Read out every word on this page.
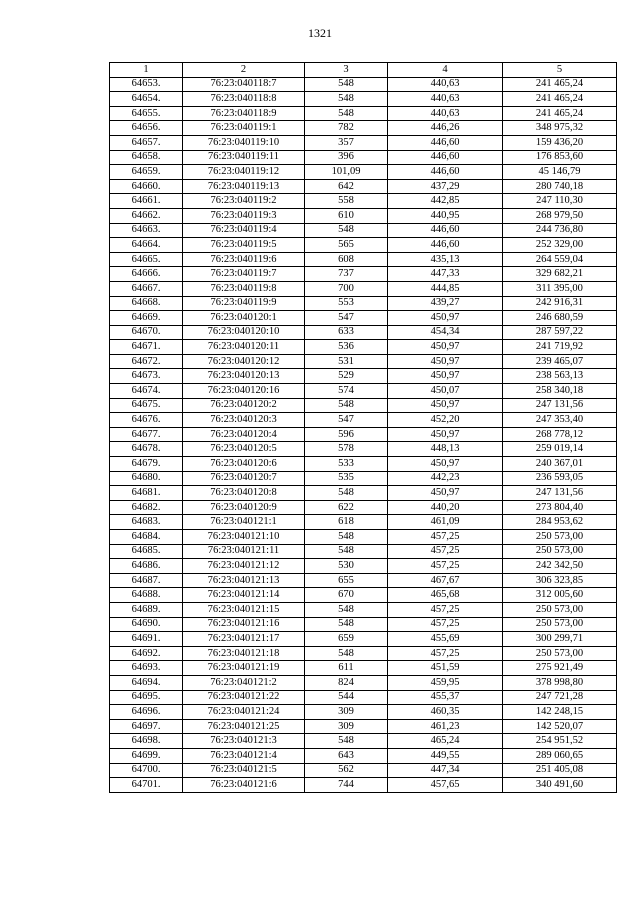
1321
1	2	3	4	5
64653.	76:23:040118:7	548	440,63	241 465,24
64654.	76:23:040118:8	548	440,63	241 465,24
64655.	76:23:040118:9	548	440,63	241 465,24
64656.	76:23:040119:1	782	446,26	348 975,32
64657.	76:23:040119:10	357	446,60	159 436,20
64658.	76:23:040119:11	396	446,60	176 853,60
64659.	76:23:040119:12	101,09	446,60	45 146,79
64660.	76:23:040119:13	642	437,29	280 740,18
64661.	76:23:040119:2	558	442,85	247 110,30
64662.	76:23:040119:3	610	440,95	268 979,50
64663.	76:23:040119:4	548	446,60	244 736,80
64664.	76:23:040119:5	565	446,60	252 329,00
64665.	76:23:040119:6	608	435,13	264 559,04
64666.	76:23:040119:7	737	447,33	329 682,21
64667.	76:23:040119:8	700	444,85	311 395,00
64668.	76:23:040119:9	553	439,27	242 916,31
64669.	76:23:040120:1	547	450,97	246 680,59
64670.	76:23:040120:10	633	454,34	287 597,22
64671.	76:23:040120:11	536	450,97	241 719,92
64672.	76:23:040120:12	531	450,97	239 465,07
64673.	76:23:040120:13	529	450,97	238 563,13
64674.	76:23:040120:16	574	450,07	258 340,18
64675.	76:23:040120:2	548	450,97	247 131,56
64676.	76:23:040120:3	547	452,20	247 353,40
64677.	76:23:040120:4	596	450,97	268 778,12
64678.	76:23:040120:5	578	448,13	259 019,14
64679.	76:23:040120:6	533	450,97	240 367,01
64680.	76:23:040120:7	535	442,23	236 593,05
64681.	76:23:040120:8	548	450,97	247 131,56
64682.	76:23:040120:9	622	440,20	273 804,40
64683.	76:23:040121:1	618	461,09	284 953,62
64684.	76:23:040121:10	548	457,25	250 573,00
64685.	76:23:040121:11	548	457,25	250 573,00
64686.	76:23:040121:12	530	457,25	242 342,50
64687.	76:23:040121:13	655	467,67	306 323,85
64688.	76:23:040121:14	670	465,68	312 005,60
64689.	76:23:040121:15	548	457,25	250 573,00
64690.	76:23:040121:16	548	457,25	250 573,00
64691.	76:23:040121:17	659	455,69	300 299,71
64692.	76:23:040121:18	548	457,25	250 573,00
64693.	76:23:040121:19	611	451,59	275 921,49
64694.	76:23:040121:2	824	459,95	378 998,80
64695.	76:23:040121:22	544	455,37	247 721,28
64696.	76:23:040121:24	309	460,35	142 248,15
64697.	76:23:040121:25	309	461,23	142 520,07
64698.	76:23:040121:3	548	465,24	254 951,52
64699.	76:23:040121:4	643	449,55	289 060,65
64700.	76:23:040121:5	562	447,34	251 405,08
64701.	76:23:040121:6	744	457,65	340 491,60
